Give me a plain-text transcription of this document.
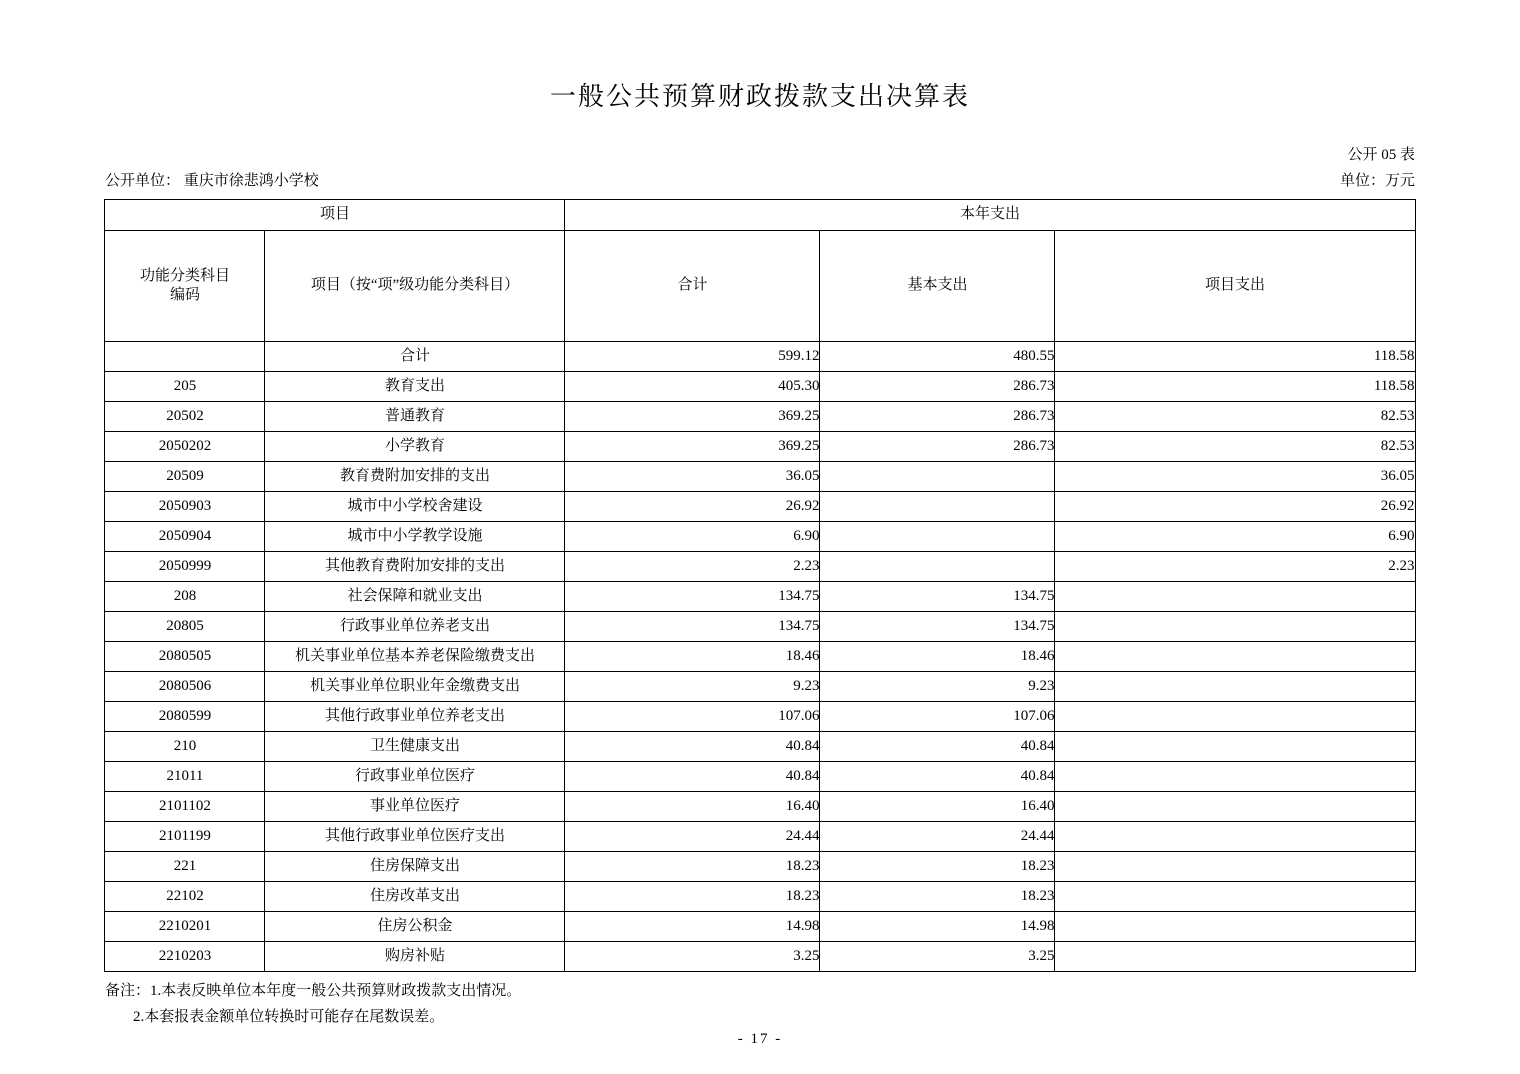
一般公共预算财政拨款支出决算表
公开 05 表
公开单位： 重庆市徐悲鸿小学校	单位：万元
项目		本年支出		

功能分类科目
编码	项目（按“项”级功能分类科目）	合计	基本支出	项目支出
	合计	599.12	480.55	118.58
205	教育支出	405.30	286.73	118.58
20502	普通教育	369.25	286.73	82.53
2050202	小学教育	369.25	286.73	82.53
20509	教育费附加安排的支出	36.05		36.05
2050903	城市中小学校舍建设	26.92		26.92
2050904	城市中小学教学设施	6.90		6.90
2050999	其他教育费附加安排的支出	2.23		2.23
208	社会保障和就业支出	134.75	134.75	
20805	行政事业单位养老支出	134.75	134.75	
2080505	机关事业单位基本养老保险缴费支出	18.46	18.46	
2080506	机关事业单位职业年金缴费支出	9.23	9.23	
2080599	其他行政事业单位养老支出	107.06	107.06	
210	卫生健康支出	40.84	40.84	
21011	行政事业单位医疗	40.84	40.84	
2101102	事业单位医疗	16.40	16.40	
2101199	其他行政事业单位医疗支出	24.44	24.44	
221	住房保障支出	18.23	18.23	
22102	住房改革支出	18.23	18.23	
2210201	住房公积金	14.98	14.98	
2210203	购房补贴	3.25	3.25	
备注：1.本表反映单位本年度一般公共预算财政拨款支出情况。
2.本套报表金额单位转换时可能存在尾数误差。
- 17 -
